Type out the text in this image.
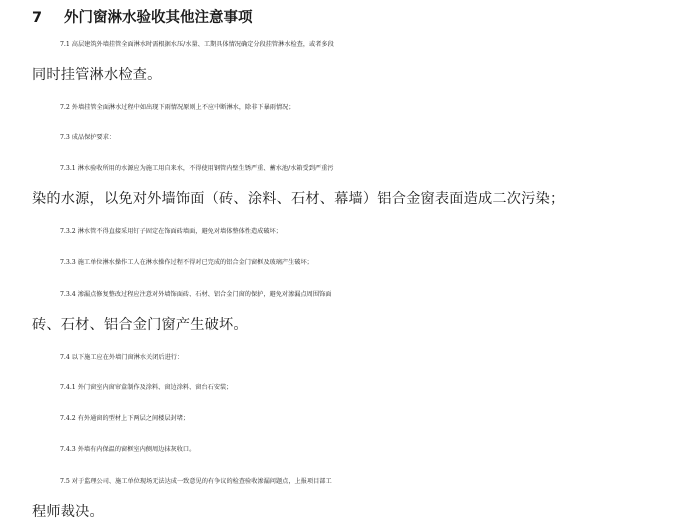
7 外门窗淋水验收其他注意事项
7.1 高层建筑外墙挂管全面淋水时需根据水压/水量、工期具体情况确定分段挂管淋水检查，或者多段
同时挂管淋水检查。
7.2 外墙挂管全面淋水过程中如出现下雨情况原则上不应中断淋水，除非下暴雨情况；
7.3 成品保护要求：
7.3.1 淋水验收所用的水源应为施工用自来水，不得使用钢管内壁生锈严重、蓄水池/水箱受到严重污
染的水源，以免对外墙饰面（砖、涂料、石材、幕墙）铝合金窗表面造成二次污染；
7.3.2 淋水管不得直接采用钉子固定在饰面砖墙面，避免对墙体整体性造成破坏；
7.3.3 施工单位淋水操作工人在淋水操作过程不得对已完成的铝合金门窗框及玻璃产生破坏；
7.3.4 渗漏点修复整改过程应注意对外墙饰面砖、石材、铝合金门窗的保护，避免对渗漏点周围饰面
砖、石材、铝合金门窗产生破坏。
7.4 以下施工应在外墙门窗淋水关闭后进行：
7.4.1 外门窗室内窗帘盒制作及涂料、窗边涂料、窗台石安装；
7.4.2 有外通窗的型材上下两层之间楼层封堵；
7.4.3 外墙有内保温的窗框室内侧周边抹灰收口。
7.5 对于监理公司、施工单位现场无法达成一致意见的有争议的检查验收渗漏问题点，上报项目部工
程师裁决。
